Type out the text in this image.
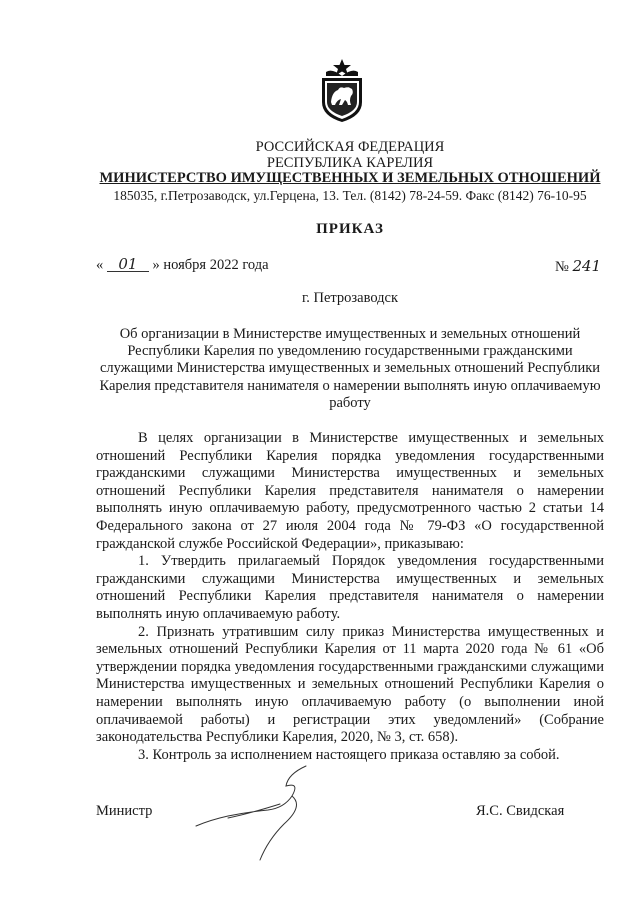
РОССИЙСКАЯ ФЕДЕРАЦИЯ
РЕСПУБЛИКА КАРЕЛИЯ
МИНИСТЕРСТВО ИМУЩЕСТВЕННЫХ И ЗЕМЕЛЬНЫХ ОТНОШЕНИЙ
185035, г.Петрозаводск, ул.Герцена, 13. Тел. (8142) 78-24-59. Факс (8142) 76-10-95
ПРИКАЗ
« 01 » ноября 2022 года	№ 241
г. Петрозаводск
Об организации в Министерстве имущественных и земельных отношений Республики Карелия по уведомлению государственными гражданскими служащими Министерства имущественных и земельных отношений Республики Карелия представителя нанимателя о намерении выполнять иную оплачиваемую работу

В целях организации в Министерстве имущественных и земельных отношений Республики Карелия порядка уведомления государственными гражданскими служащими Министерства имущественных и земельных отношений Республики Карелия представителя нанимателя о намерении выполнять иную оплачиваемую работу, предусмотренного частью 2 статьи 14 Федерального закона от 27 июля 2004 года № 79-ФЗ «О государственной гражданской службе Российской Федерации», приказываю:

1. Утвердить прилагаемый Порядок уведомления государственными гражданскими служащими Министерства имущественных и земельных отношений Республики Карелия представителя нанимателя о намерении выполнять иную оплачиваемую работу.

2. Признать утратившим силу приказ Министерства имущественных и земельных отношений Республики Карелия от 11 марта 2020 года № 61 «Об утверждении порядка уведомления государственными гражданскими служащими Министерства имущественных и земельных отношений Республики Карелия о намерении выполнять иную оплачиваемую работу (о выполнении иной оплачиваемой работы) и регистрации этих уведомлений» (Собрание законодательства Республики Карелия, 2020, № 3, ст. 658).

3. Контроль за исполнением настоящего приказа оставляю за собой.

Министр	Я.С. Свидская
